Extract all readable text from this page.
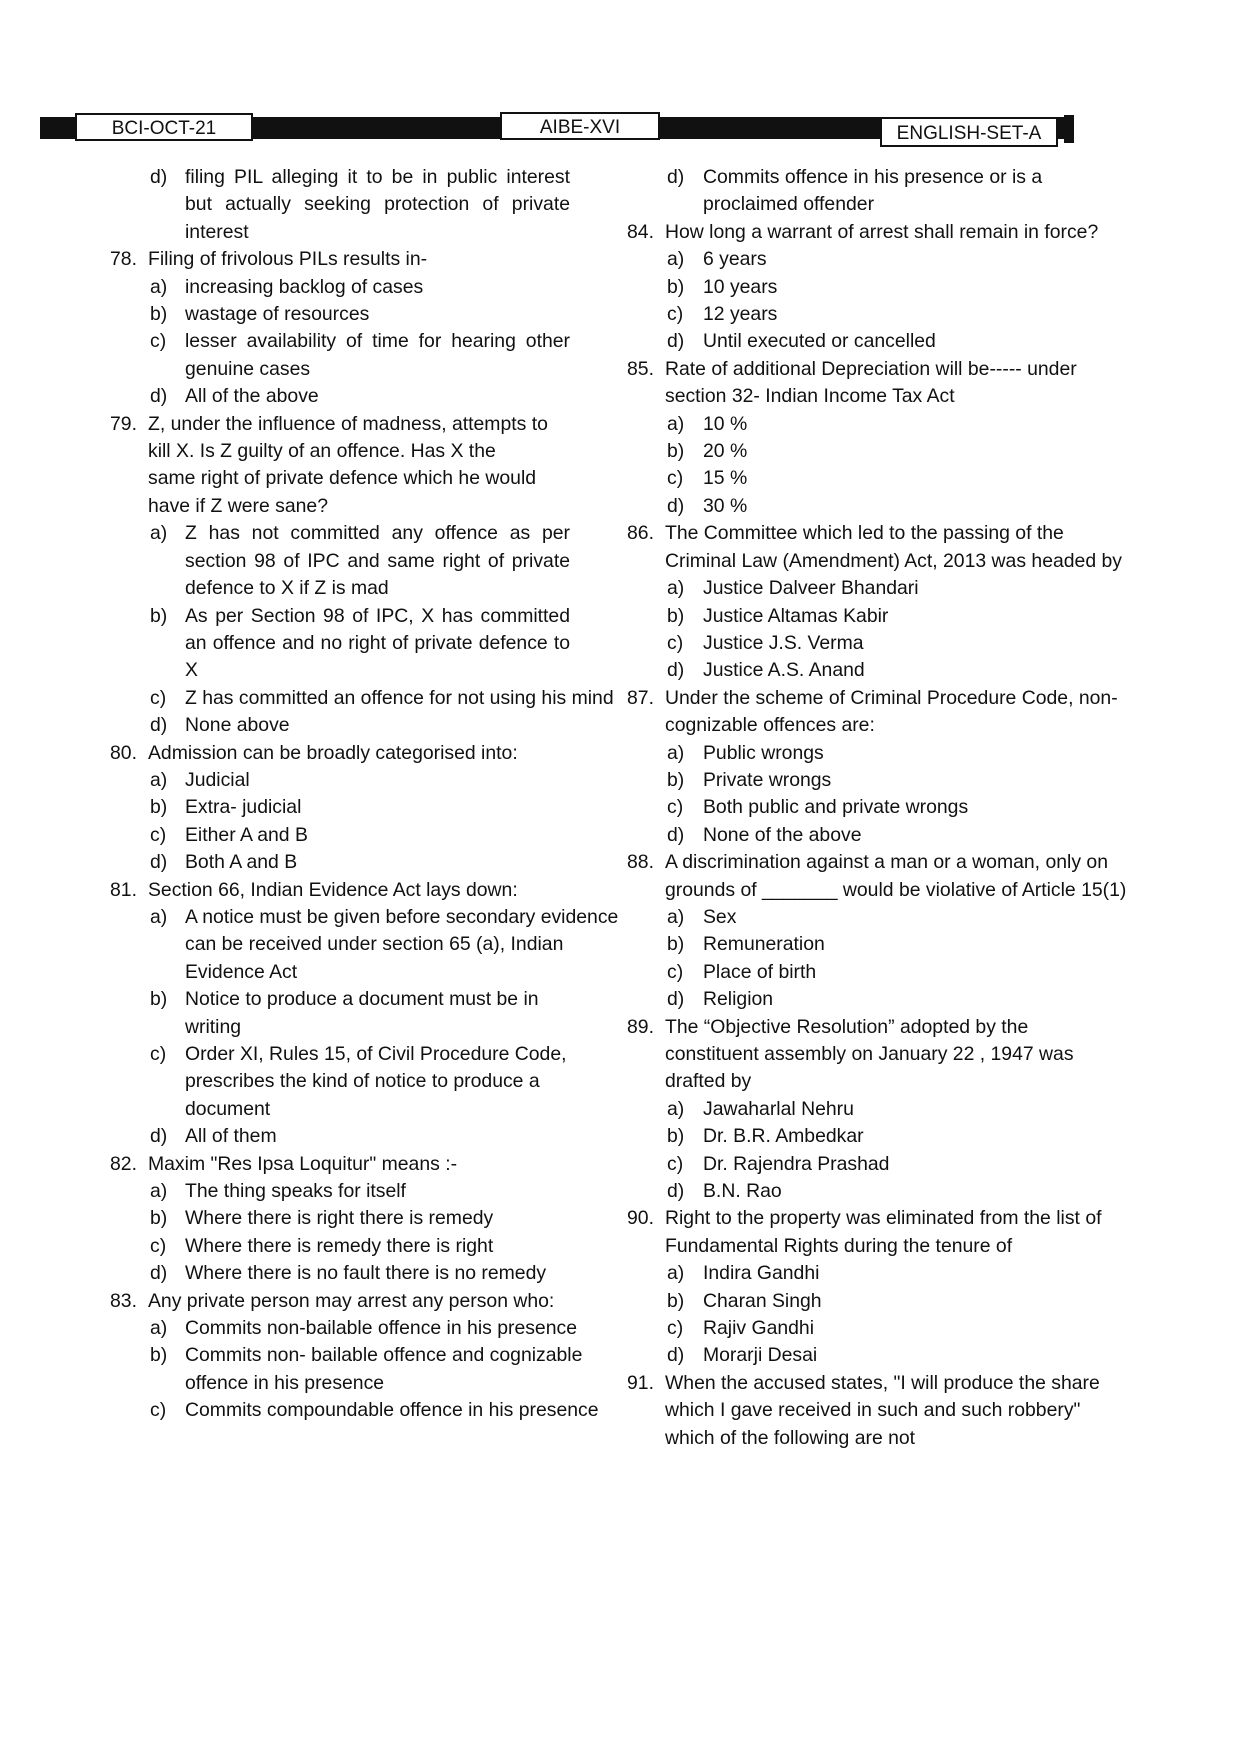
BCI-OCT-21	AIBE-XVI	ENGLISH-SET-A
d) filing PIL alleging it to be in public interest but actually seeking protection of private interest
78. Filing of frivolous PILs results in-
a) increasing backlog of cases
b) wastage of resources
c) lesser availability of time for hearing other genuine cases
d) All of the above
79. Z, under the influence of madness, attempts to kill X. Is Z guilty of an offence. Has X the same right of private defence which he would have if Z were sane?
a) Z has not committed any offence as per section 98 of IPC and same right of private defence to X if Z is mad
b) As per Section 98 of IPC, X has committed an offence and no right of private defence to X
c) Z has committed an offence for not using his mind
d) None above
80. Admission can be broadly categorised into:
a) Judicial
b) Extra- judicial
c) Either A and B
d) Both A and B
81. Section 66, Indian Evidence Act lays down:
a) A notice must be given before secondary evidence can be received under section 65 (a), Indian Evidence Act
b) Notice to produce a document must be in writing
c) Order XI, Rules 15, of Civil Procedure Code, prescribes the kind of notice to produce a document
d) All of them
82. Maxim "Res Ipsa Loquitur" means :-
a) The thing speaks for itself
b) Where there is right there is remedy
c) Where there is remedy there is right
d) Where there is no fault there is no remedy
83. Any private person may arrest any person who:
a) Commits non-bailable offence in his presence
b) Commits non- bailable offence and cognizable offence in his presence
c) Commits compoundable offence in his presence
d) Commits offence in his presence or is a proclaimed offender
84. How long a warrant of arrest shall remain in force?
a) 6 years
b) 10 years
c) 12 years
d) Until executed or cancelled
85. Rate of additional Depreciation will be----- under section 32- Indian Income Tax Act
a) 10 %
b) 20 %
c) 15 %
d) 30 %
86. The Committee which led to the passing of the Criminal Law (Amendment) Act, 2013 was headed by
a) Justice Dalveer Bhandari
b) Justice Altamas Kabir
c) Justice J.S. Verma
d) Justice A.S. Anand
87. Under the scheme of Criminal Procedure Code, non-cognizable offences are:
a) Public wrongs
b) Private wrongs
c) Both public and private wrongs
d) None of the above
88. A discrimination against a man or a woman, only on grounds of _______ would be violative of Article 15(1)
a) Sex
b) Remuneration
c) Place of birth
d) Religion
89. The “Objective Resolution” adopted by the constituent assembly on January 22 , 1947 was drafted by
a) Jawaharlal Nehru
b) Dr. B.R. Ambedkar
c) Dr. Rajendra Prashad
d) B.N. Rao
90. Right to the property was eliminated from the list of Fundamental Rights during the tenure of
a) Indira Gandhi
b) Charan Singh
c) Rajiv Gandhi
d) Morarji Desai
91. When the accused states, "I will produce the share which I gave received in such and such robbery" which of the following are not
